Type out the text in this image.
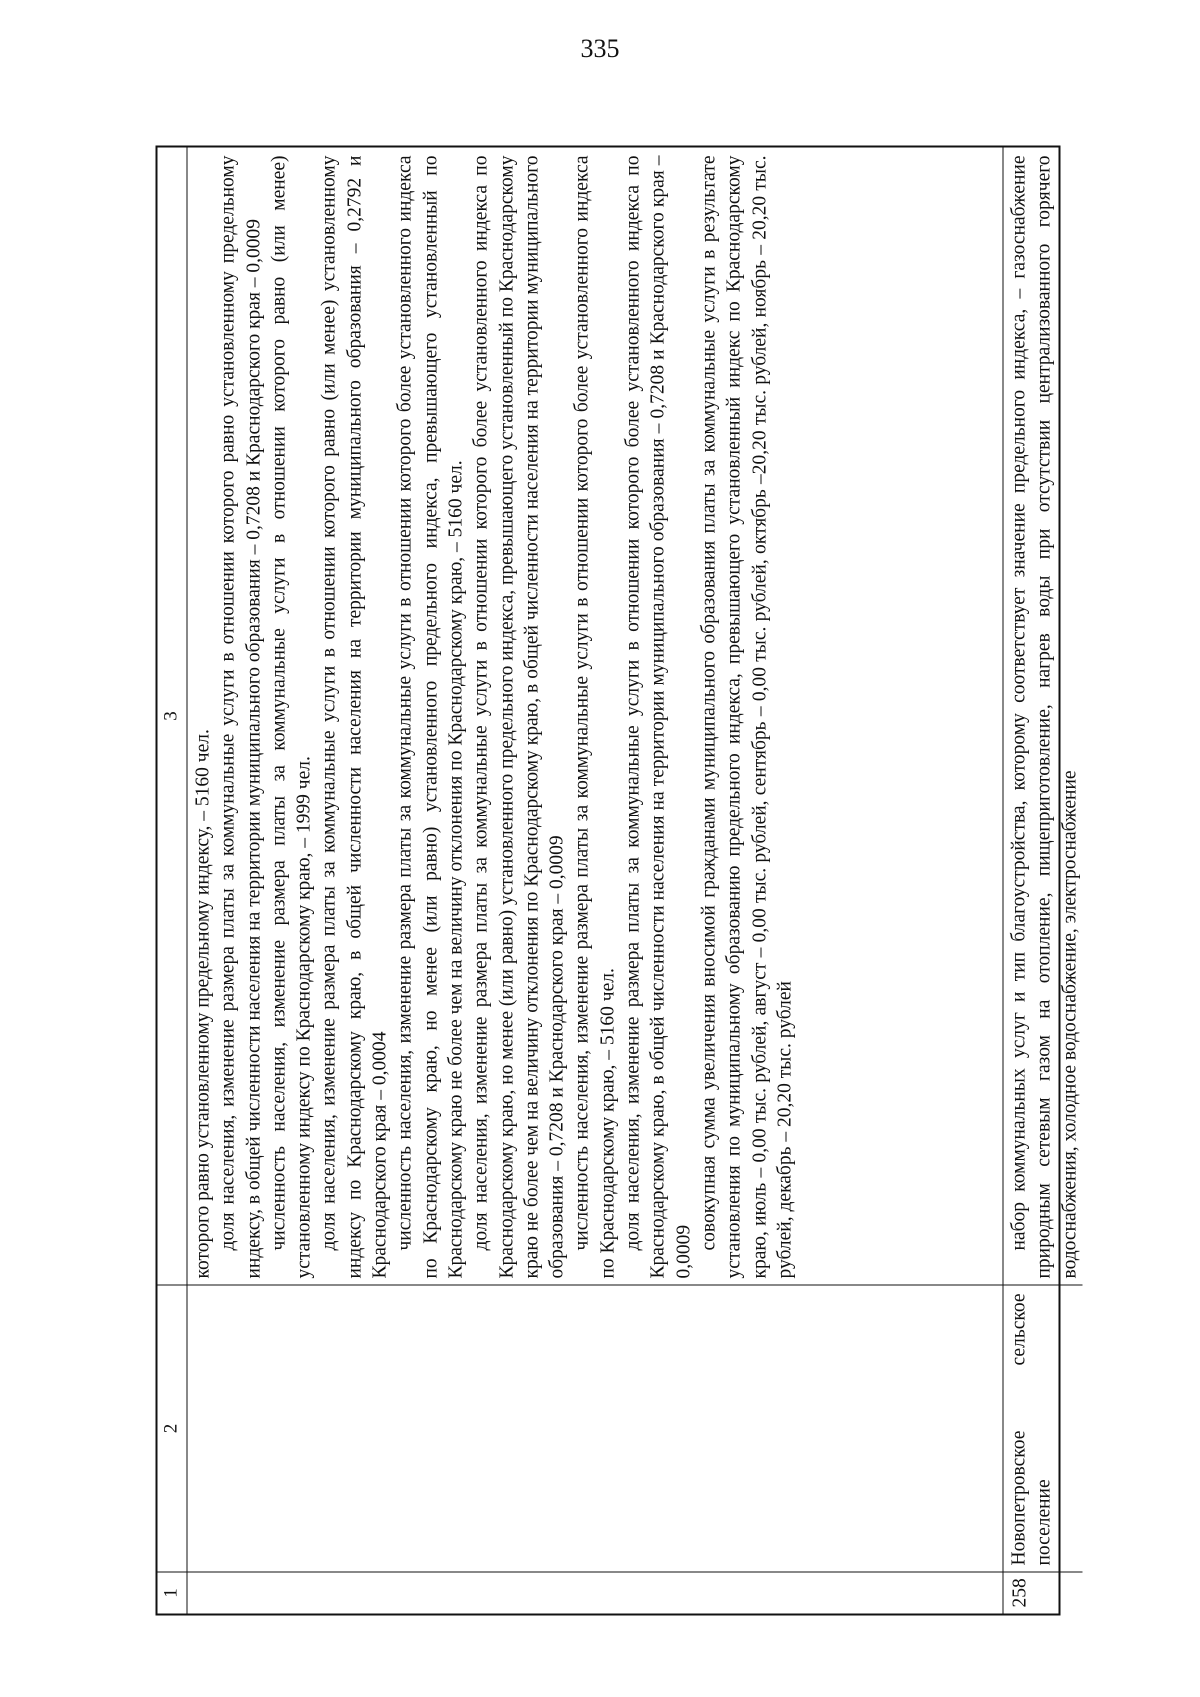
335
1
2
3

которого равно установленному предельному индексу, – 5160 чел. доля населения, изменение размера платы за коммунальные услуги в отношении которого равно установленному предельному индексу, в общей численности населения на территории муниципального образования – 0,7208 и Краснодарского края – 0,0009 численность населения, изменение размера платы за коммунальные услуги в отношении которого равно (или менее) установленному индексу по Краснодарскому краю, – 1999 чел. доля населения, изменение размера платы за коммунальные услуги в отношении которого равно (или менее) установленному индексу по Краснодарскому краю, в общей численности населения на территории муниципального образования – 0,2792 и Краснодарского края – 0,0004 численность населения, изменение размера платы за коммунальные услуги в отношении которого более установленного индекса по Краснодарскому краю, но менее (или равно) установленного предельного индекса, превышающего установленный по Краснодарскому краю не более чем на величину отклонения по Краснодарскому краю, – 5160 чел. доля населения, изменение размера платы за коммунальные услуги в отношении которого более установленного индекса по Краснодарскому краю, но менее (или равно) установленного предельного индекса, превышающего установленный по Краснодарскому краю не более чем на величину отклонения по Краснодарскому краю, в общей численности населения на территории муниципального образования – 0,7208 и Краснодарского края – 0,0009 численность населения, изменение размера платы за коммунальные услуги в отношении которого более установленного индекса по Краснодарскому краю, – 5160 чел. доля населения, изменение размера платы за коммунальные услуги в отношении которого более установленного индекса по Краснодарскому краю, в общей численности населения на территории муниципального образования – 0,7208 и Краснодарского края – 0,0009

совокупная сумма увеличения вносимой гражданами муниципального образования платы за коммунальные услуги в результате установления по муниципальному образованию предельного индекса, превышающего установленный индекс по Краснодарскому краю, июль – 0,00 тыс. рублей, август – 0,00 тыс. рублей, сентябрь – 0,00 тыс. рублей, октябрь –20,20 тыс. рублей, ноябрь – 20,20 тыс. рублей, декабрь – 20,20 тыс. рублей

258
Новопетровское сельское поселение

набор коммунальных услуг и тип благоустройства, которому соответствует значение предельного индекса, – газоснабжение природным сетевым газом на отопление, пищеприготовление, нагрев воды при отсутствии централизованного горячего водоснабжения, холодное водоснабжение, электроснабжение
